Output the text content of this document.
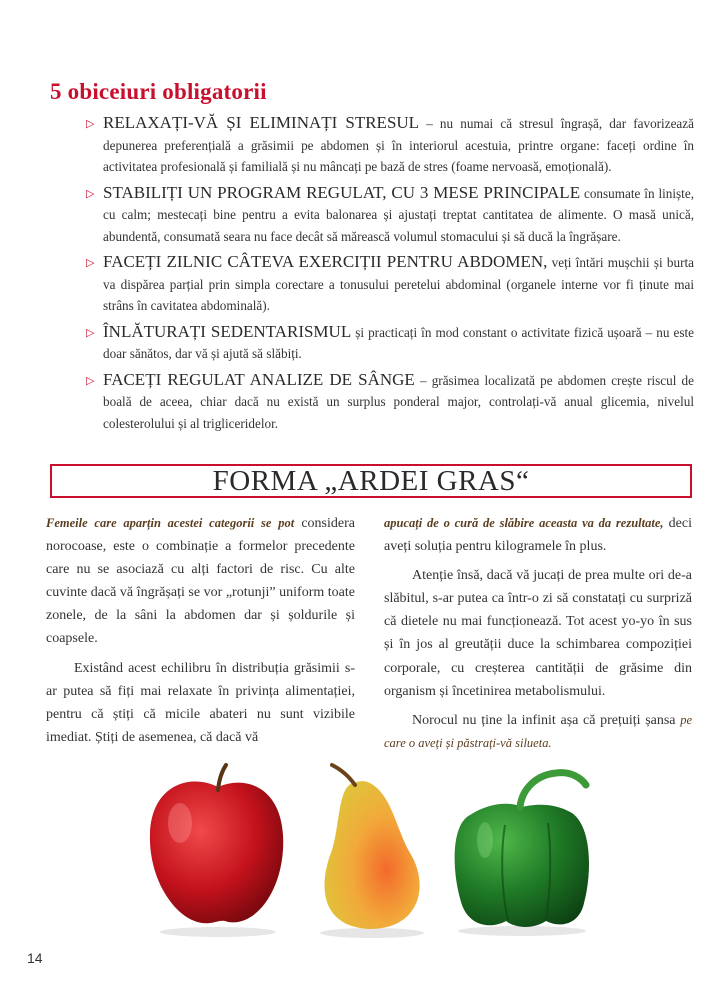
5 obiceiuri obligatorii
▷ RELAXAȚI-VĂ ȘI ELIMINAȚI STRESUL – nu numai că stresul îngrașă, dar favorizează depunerea preferențială a grăsimii pe abdomen și în interiorul acestuia, printre organe: faceți ordine în activitatea profesională și familială și nu mâncați pe bază de stres (foame nervoasă, emoțională).
▷ STABILIȚI UN PROGRAM REGULAT, CU 3 MESE PRINCIPALE consumate în liniște, cu calm; mestecați bine pentru a evita balonarea și ajustați treptat cantitatea de alimente. O masă unică, abundentă, consumată seara nu face decât să mărească volumul stomacului și să ducă la îngrășare.
▷ FACEȚI ZILNIC CÂTEVA EXERCIȚII PENTRU ABDOMEN, veți întări mușchii și burta va dispărea parțial prin simpla corectare a tonusului peretelui abdominal (organele interne vor fi ținute mai strâns în cavitatea abdominală).
▷ ÎNLĂTURAȚI SEDENTARISMUL și practicați în mod constant o activitate fizică ușoară – nu este doar sănătos, dar vă și ajută să slăbiți.
▷ FACEȚI REGULAT ANALIZE DE SÂNGE – grăsimea localizată pe abdomen crește riscul de boală de aceea, chiar dacă nu există un surplus ponderal major, controlați-vă anual glicemia, nivelul colesterolului și al trigliceridelor.
FORMA „ARDEI GRAS“

Femeile care aparțin acestei categorii se pot considera norocoase, este o combinație a formelor precedente care nu se asociază cu alți factori de risc. Cu alte cuvinte dacă vă îngrășați se vor „rotunji” uniform toate zonele, de la sâni la abdomen dar și șoldurile și coapsele.

Existând acest echilibru în distribuția grăsimii s-ar putea să fiți mai relaxate în privința alimentației, pentru că știți că micile abateri nu sunt vizibile imediat. Știți de asemenea, că dacă vă

apucați de o cură de slăbire aceasta va da rezultate, deci aveți soluția pentru kilogramele în plus.

Atenție însă, dacă vă jucați de prea multe ori de-a slăbitul, s-ar putea ca într-o zi să constatați cu surpriză că dietele nu mai funcționează. Tot acest yo-yo în sus și în jos al greutății duce la schimbarea compoziției corporale, cu creșterea cantității de grăsime din organism și încetinirea metabolismului.

Norocul nu ține la infinit așa că prețuiți șansa pe care o aveți și păstrați-vă silueta.

14
